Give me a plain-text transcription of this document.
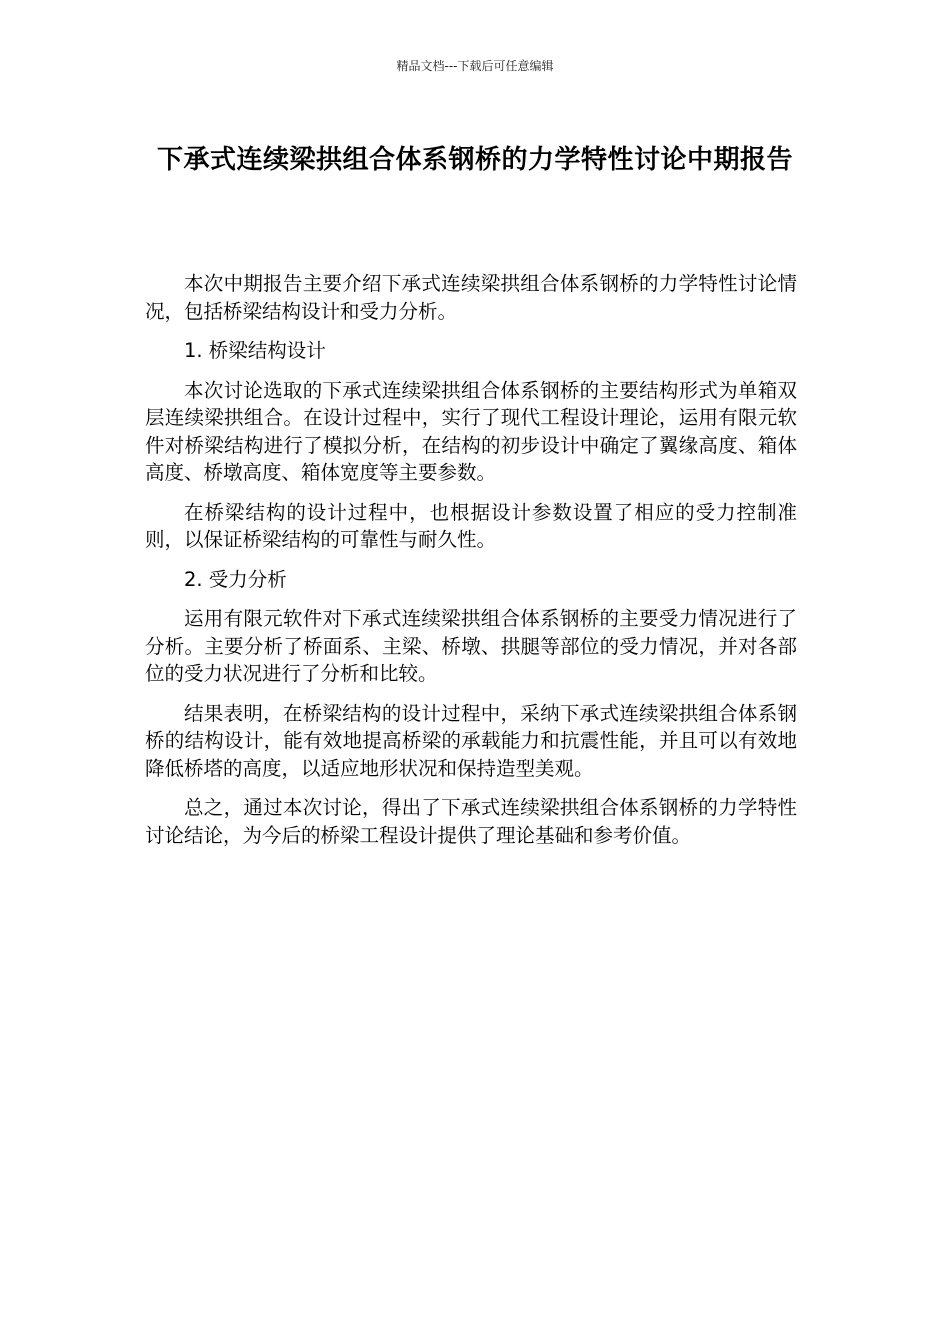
精品文档---下载后可任意编辑
下承式连续梁拱组合体系钢桥的力学特性讨论中期报告

本次中期报告主要介绍下承式连续梁拱组合体系钢桥的力学特性讨论情况，包括桥梁结构设计和受力分析。

1. 桥梁结构设计

本次讨论选取的下承式连续梁拱组合体系钢桥的主要结构形式为单箱双层连续梁拱组合。在设计过程中，实行了现代工程设计理论，运用有限元软件对桥梁结构进行了模拟分析，在结构的初步设计中确定了翼缘高度、箱体高度、桥墩高度、箱体宽度等主要参数。

在桥梁结构的设计过程中，也根据设计参数设置了相应的受力控制准则，以保证桥梁结构的可靠性与耐久性。

2. 受力分析

运用有限元软件对下承式连续梁拱组合体系钢桥的主要受力情况进行了分析。主要分析了桥面系、主梁、桥墩、拱腿等部位的受力情况，并对各部位的受力状况进行了分析和比较。

结果表明，在桥梁结构的设计过程中，采纳下承式连续梁拱组合体系钢桥的结构设计，能有效地提高桥梁的承载能力和抗震性能，并且可以有效地降低桥塔的高度，以适应地形状况和保持造型美观。

总之，通过本次讨论，得出了下承式连续梁拱组合体系钢桥的力学特性讨论结论，为今后的桥梁工程设计提供了理论基础和参考价值。
